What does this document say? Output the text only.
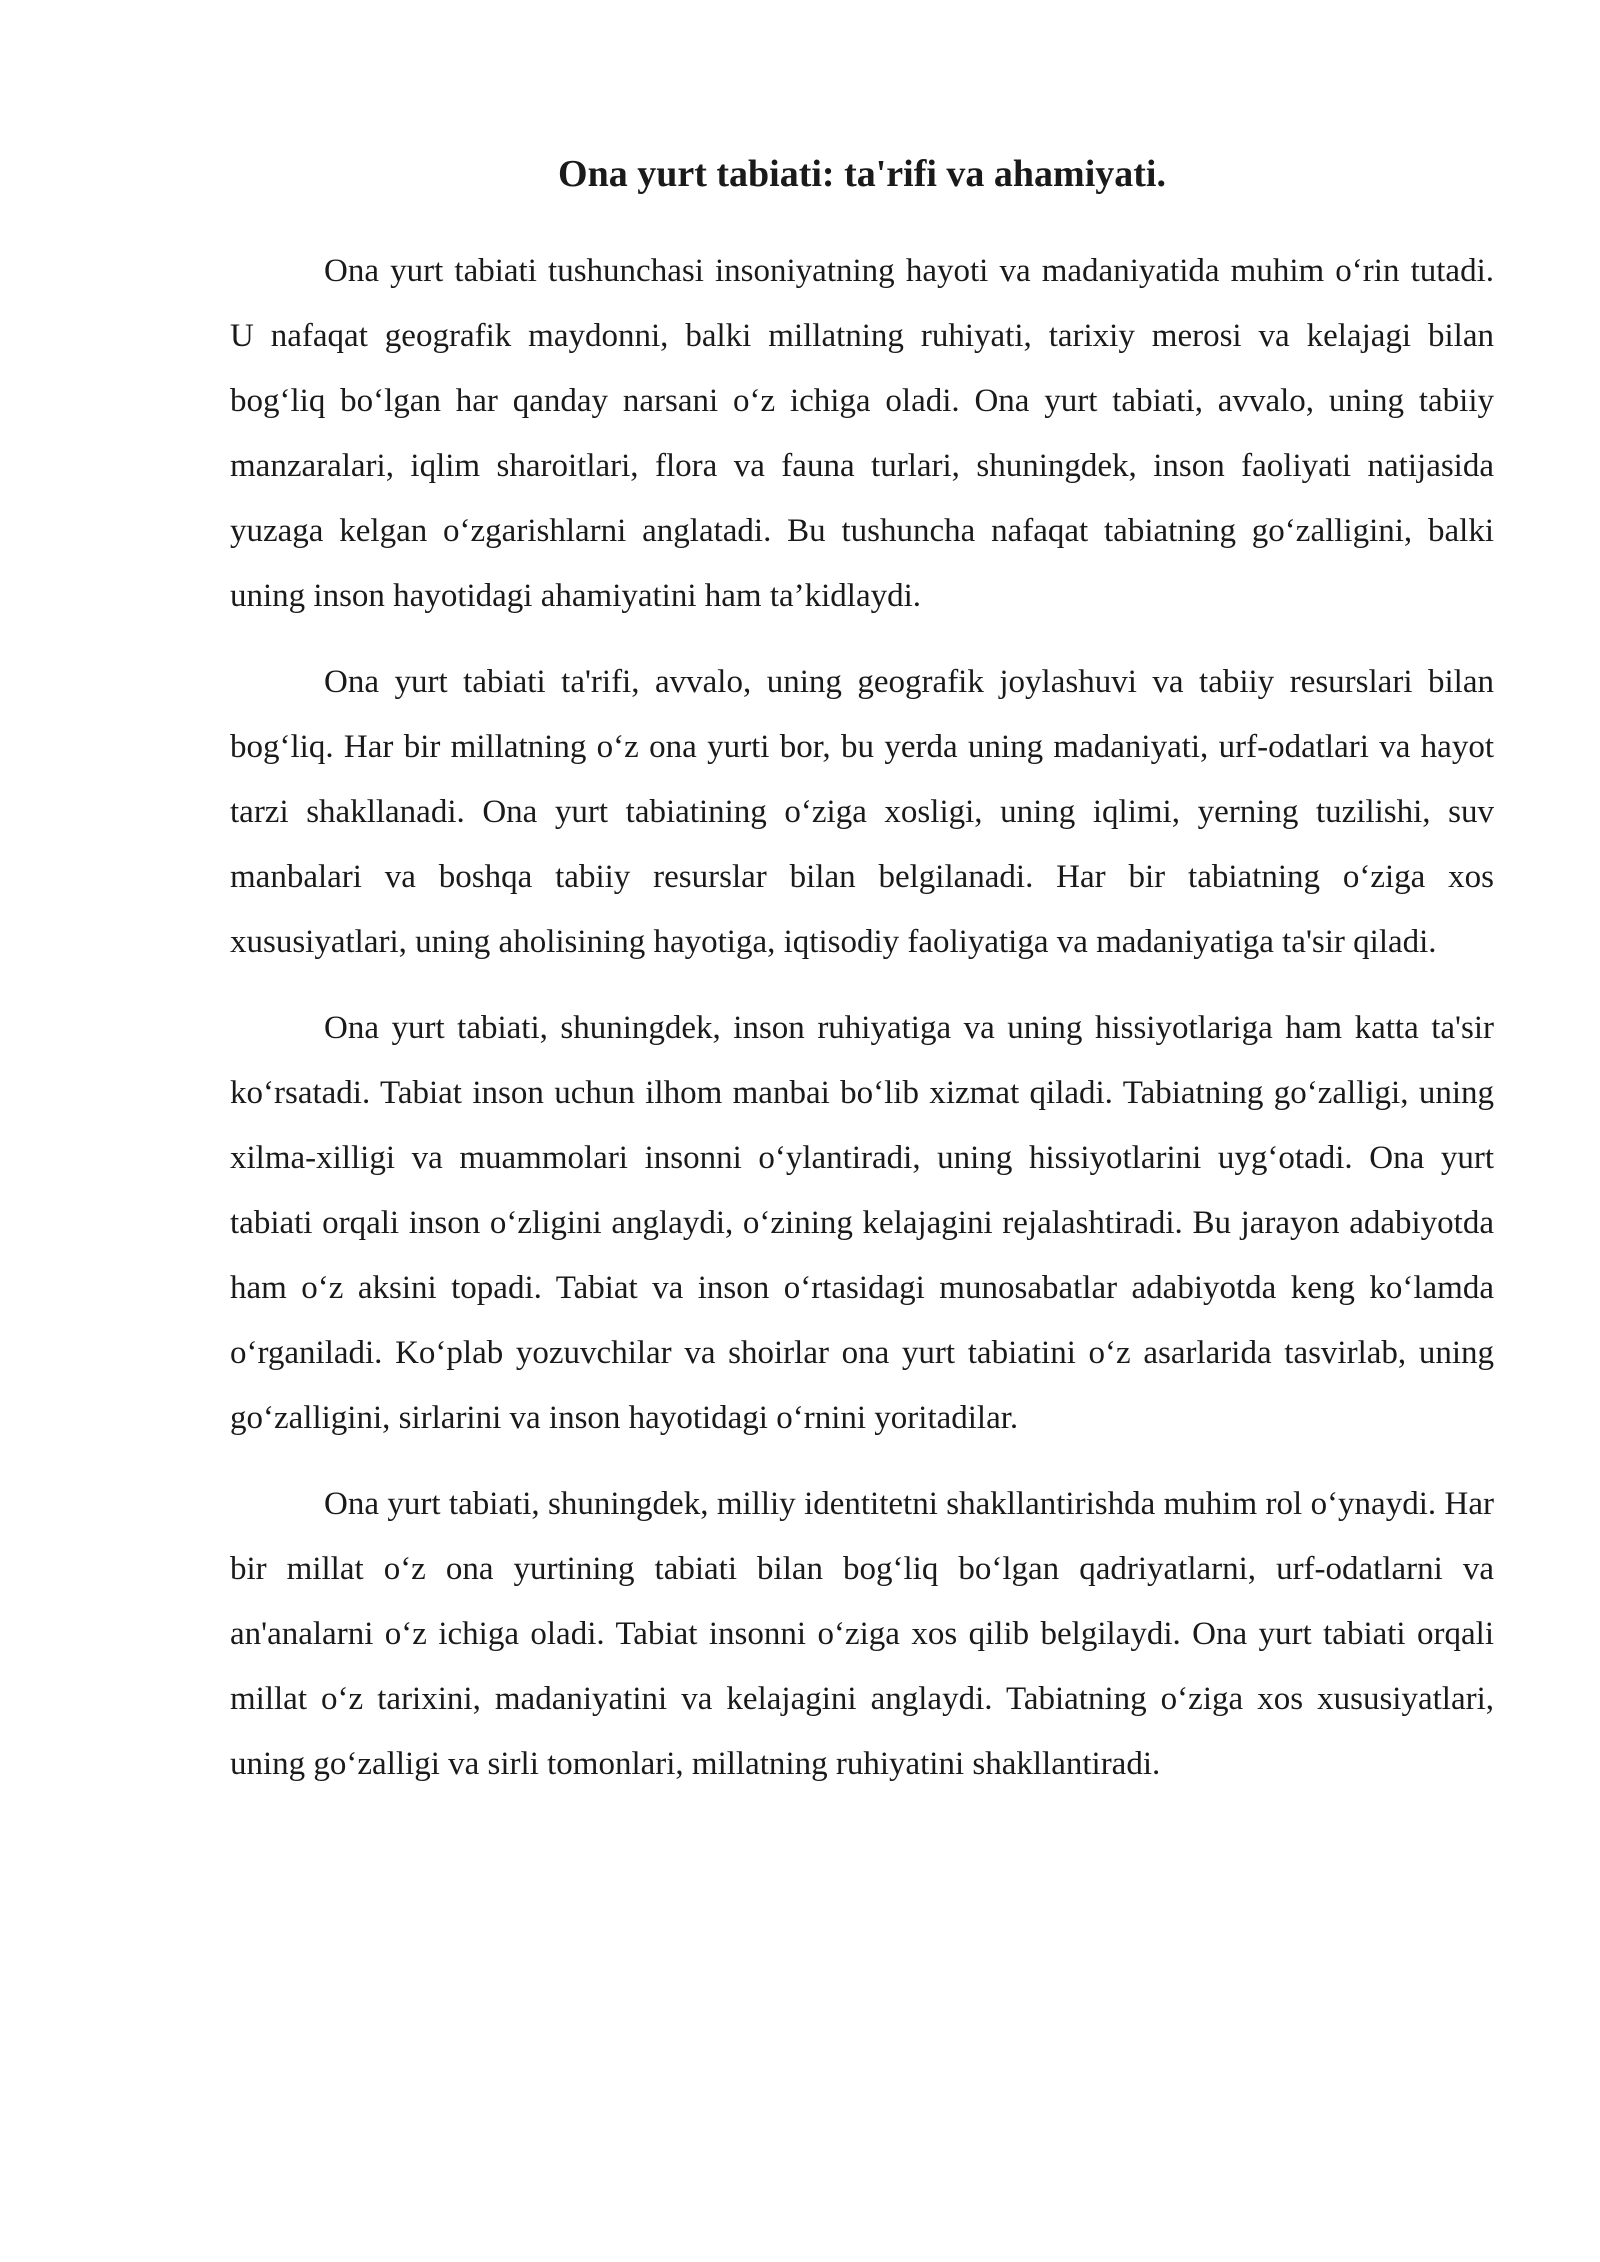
Ona yurt tabiati: ta'rifi va ahamiyati.

Ona yurt tabiati tushunchasi insoniyatning hayoti va madaniyatida muhim o‘rin tutadi. U nafaqat geografik maydonni, balki millatning ruhiyati, tarixiy merosi va kelajagi bilan bog‘liq bo‘lgan har qanday narsani o‘z ichiga oladi. Ona yurt tabiati, avvalo, uning tabiiy manzaralari, iqlim sharoitlari, flora va fauna turlari, shuningdek, inson faoliyati natijasida yuzaga kelgan o‘zgarishlarni anglatadi. Bu tushuncha nafaqat tabiatning go‘zalligini, balki uning inson hayotidagi ahamiyatini ham ta’kidlaydi.

Ona yurt tabiati ta'rifi, avvalo, uning geografik joylashuvi va tabiiy resurslari bilan bog‘liq. Har bir millatning o‘z ona yurti bor, bu yerda uning madaniyati, urf-odatlari va hayot tarzi shakllanadi. Ona yurt tabiatining o‘ziga xosligi, uning iqlimi, yerning tuzilishi, suv manbalari va boshqa tabiiy resurslar bilan belgilanadi. Har bir tabiatning o‘ziga xos xususiyatlari, uning aholisining hayotiga, iqtisodiy faoliyatiga va madaniyatiga ta'sir qiladi.

Ona yurt tabiati, shuningdek, inson ruhiyatiga va uning hissiyotlariga ham katta ta'sir ko‘rsatadi. Tabiat inson uchun ilhom manbai bo‘lib xizmat qiladi. Tabiatning go‘zalligi, uning xilma-xilligi va muammolari insonni o‘ylantiradi, uning hissiyotlarini uyg‘otadi. Ona yurt tabiati orqali inson o‘zligini anglaydi, o‘zining kelajagini rejalashtiradi. Bu jarayon adabiyotda ham o‘z aksini topadi. Tabiat va inson o‘rtasidagi munosabatlar adabiyotda keng ko‘lamda o‘rganiladi. Ko‘plab yozuvchilar va shoirlar ona yurt tabiatini o‘z asarlarida tasvirlab, uning go‘zalligini, sirlarini va inson hayotidagi o‘rnini yoritadilar.

Ona yurt tabiati, shuningdek, milliy identitetni shakllantirishda muhim rol o‘ynaydi. Har bir millat o‘z ona yurtining tabiati bilan bog‘liq bo‘lgan qadriyatlarni, urf-odatlarni va an'analarni o‘z ichiga oladi. Tabiat insonni o‘ziga xos qilib belgilaydi. Ona yurt tabiati orqali millat o‘z tarixini, madaniyatini va kelajagini anglaydi. Tabiatning o‘ziga xos xususiyatlari, uning go‘zalligi va sirli tomonlari, millatning ruhiyatini shakllantiradi.
